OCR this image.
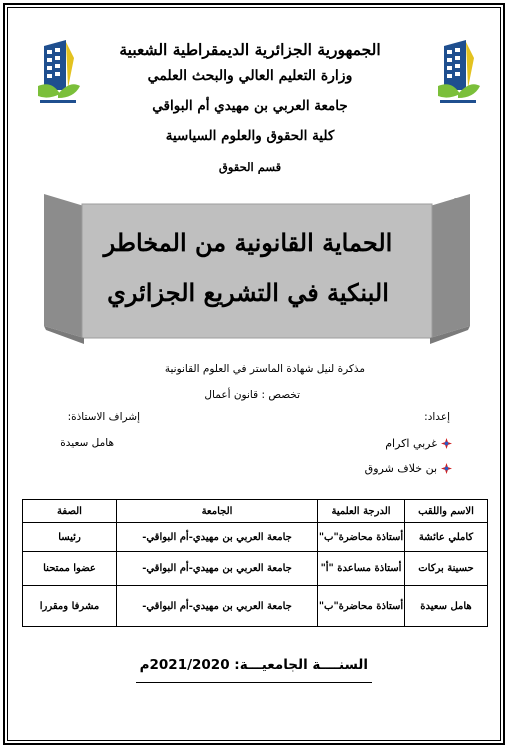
الجمهورية الجزائرية الديمقراطية الشعبية
وزارة التعليم العالي والبحث العلمي
جامعة العربي بن مهيدي أم البواقي
كلية الحقوق والعلوم السياسية
قسم الحقوق
الحماية القانونية من المخاطر
البنكية في التشريع الجزائري
مذكرة لنيل شهادة الماستر في العلوم القانونية
تخصص : قانون أعمال
إعداد:
إشراف الاستاذة:
غربي اكرام
بن خلاف شروق
هامل سعيدة
الاسم واللقب	الدرجة العلمية	الجامعة	الصفة
كاملي عائشة	أستاذة محاضرة"ب"	جامعة العربي بن مهيدي-أم البواقي-	رئيسا
حسينة بركات	أستاذة مساعدة "أ"	جامعة العربي بن مهيدي-أم البواقي-	عضوا ممتحنا
هامل سعيدة	أستاذة محاضرة"ب"	جامعة العربي بن مهيدي-أم البواقي-	مشرفا ومقررا
السنــــة الجامعيـــة: 2021/2020م
